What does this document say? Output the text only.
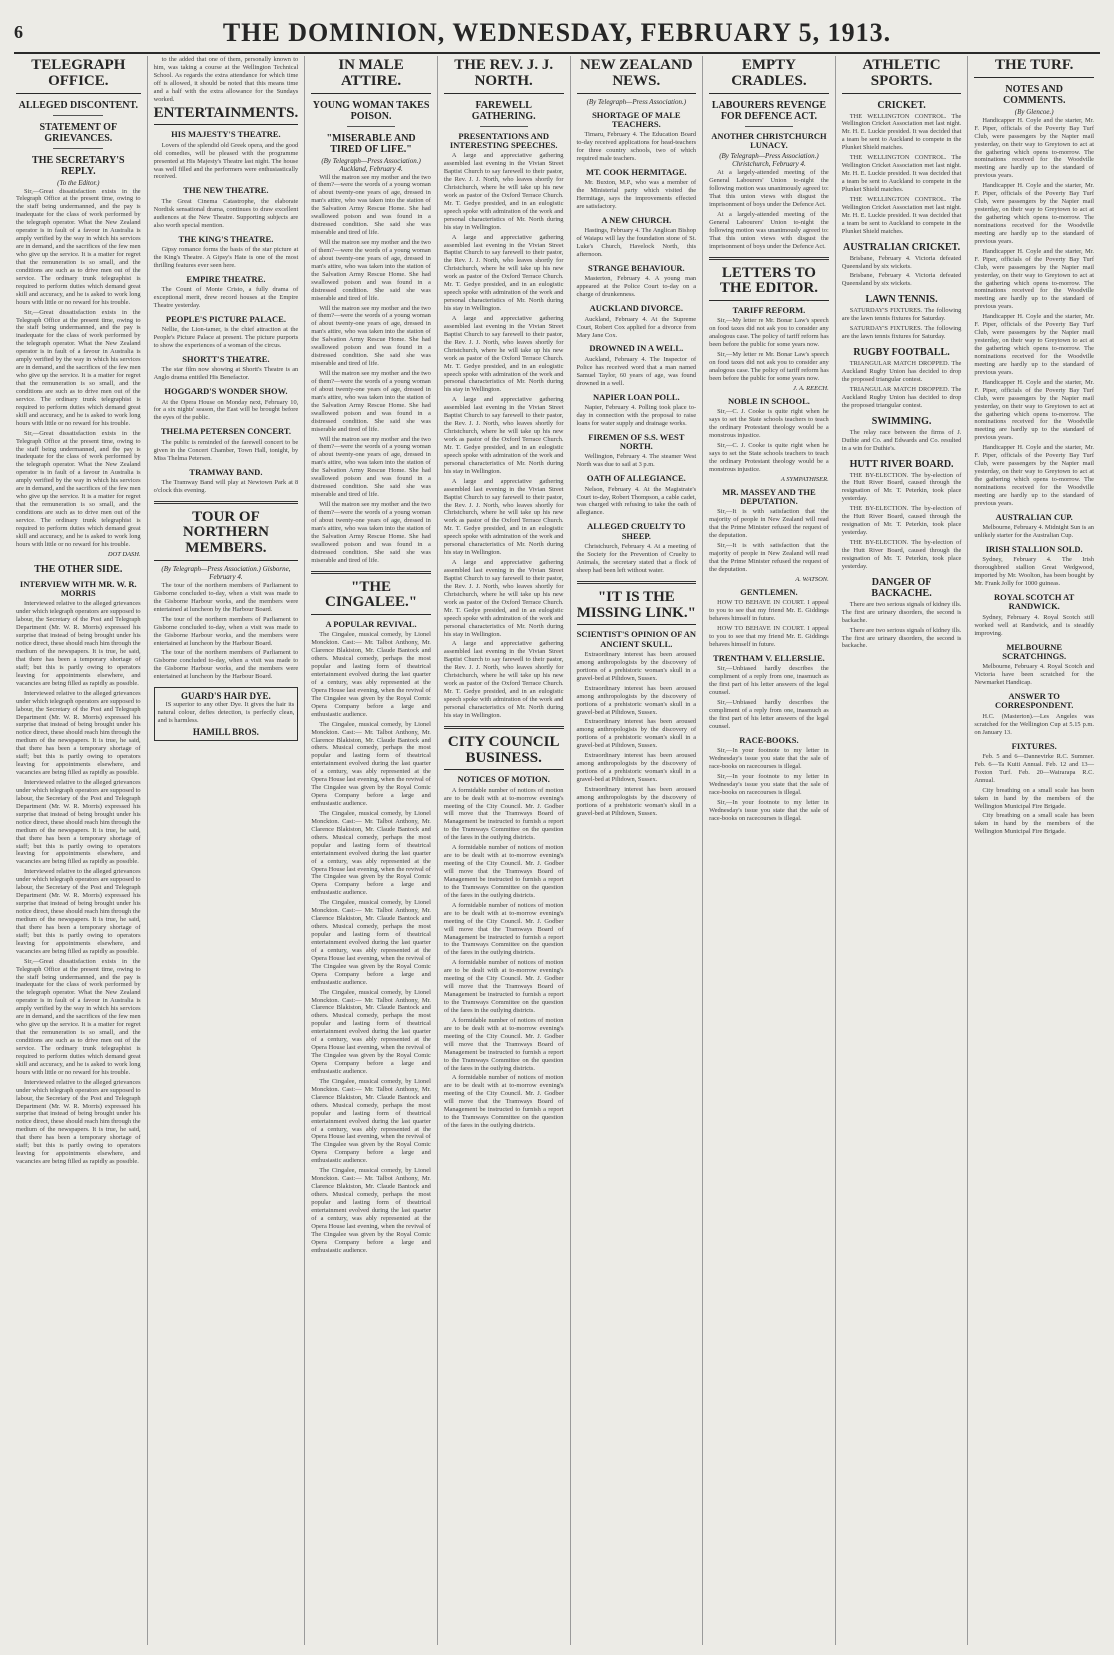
6	THE DOMINION, WEDNESDAY, FEBRUARY 5, 1913.
TELEGRAPH OFFICE.
ALLEGED DISCONTENT.
STATEMENT OF GRIEVANCES.
THE SECRETARY'S REPLY.
(To the Editor.)

Sir,—Great dissatisfaction exists in the Telegraph Office at the present time, owing to the staff being undermanned, and the pay is inadequate for the class of work performed by the telegraph operator. What the New Zealand operator is in fault of a favour in Australia is amply verified by the way in which his services are in demand, and the sacrifices of the few men who give up the service. It is a matter for regret that the remuneration is so small, and the conditions are such as to drive men out of the service. The ordinary trunk telegraphist is required to perform duties which demand great skill and accuracy, and he is asked to work long hours with little or no reward for his trouble.

Sir,—Great dissatisfaction exists in the Telegraph Office at the present time, owing to the staff being undermanned, and the pay is inadequate for the class of work performed by the telegraph operator. What the New Zealand operator is in fault of a favour in Australia is amply verified by the way in which his services are in demand, and the sacrifices of the few men who give up the service. It is a matter for regret that the remuneration is so small, and the conditions are such as to drive men out of the service. The ordinary trunk telegraphist is required to perform duties which demand great skill and accuracy, and he is asked to work long hours with little or no reward for his trouble.

Sir,—Great dissatisfaction exists in the Telegraph Office at the present time, owing to the staff being undermanned, and the pay is inadequate for the class of work performed by the telegraph operator. What the New Zealand operator is in fault of a favour in Australia is amply verified by the way in which his services are in demand, and the sacrifices of the few men who give up the service. It is a matter for regret that the remuneration is so small, and the conditions are such as to drive men out of the service. The ordinary trunk telegraphist is required to perform duties which demand great skill and accuracy, and he is asked to work long hours with little or no reward for his trouble.

DOT DASH.
THE OTHER SIDE.
INTERVIEW WITH MR. W. R. MORRIS

Interviewed relative to the alleged grievances under which telegraph operators are supposed to labour, the Secretary of the Post and Telegraph Department (Mr. W. R. Morris) expressed his surprise that instead of being brought under his notice direct, these should reach him through the medium of the newspapers. It is true, he said, that there has been a temporary shortage of staff; but this is partly owing to operators leaving for appointments elsewhere, and vacancies are being filled as rapidly as possible.

Interviewed relative to the alleged grievances under which telegraph operators are supposed to labour, the Secretary of the Post and Telegraph Department (Mr. W. R. Morris) expressed his surprise that instead of being brought under his notice direct, these should reach him through the medium of the newspapers. It is true, he said, that there has been a temporary shortage of staff; but this is partly owing to operators leaving for appointments elsewhere, and vacancies are being filled as rapidly as possible.

Interviewed relative to the alleged grievances under which telegraph operators are supposed to labour, the Secretary of the Post and Telegraph Department (Mr. W. R. Morris) expressed his surprise that instead of being brought under his notice direct, these should reach him through the medium of the newspapers. It is true, he said, that there has been a temporary shortage of staff; but this is partly owing to operators leaving for appointments elsewhere, and vacancies are being filled as rapidly as possible.

Interviewed relative to the alleged grievances under which telegraph operators are supposed to labour, the Secretary of the Post and Telegraph Department (Mr. W. R. Morris) expressed his surprise that instead of being brought under his notice direct, these should reach him through the medium of the newspapers. It is true, he said, that there has been a temporary shortage of staff; but this is partly owing to operators leaving for appointments elsewhere, and vacancies are being filled as rapidly as possible.

Sir,—Great dissatisfaction exists in the Telegraph Office at the present time, owing to the staff being undermanned, and the pay is inadequate for the class of work performed by the telegraph operator. What the New Zealand operator is in fault of a favour in Australia is amply verified by the way in which his services are in demand, and the sacrifices of the few men who give up the service. It is a matter for regret that the remuneration is so small, and the conditions are such as to drive men out of the service. The ordinary trunk telegraphist is required to perform duties which demand great skill and accuracy, and he is asked to work long hours with little or no reward for his trouble.

Interviewed relative to the alleged grievances under which telegraph operators are supposed to labour, the Secretary of the Post and Telegraph Department (Mr. W. R. Morris) expressed his surprise that instead of being brought under his notice direct, these should reach him through the medium of the newspapers. It is true, he said, that there has been a temporary shortage of staff; but this is partly owing to operators leaving for appointments elsewhere, and vacancies are being filled as rapidly as possible.

to the added that one of them, personally known to him, was taking a course at the Wellington Technical School. As regards the extra attendance for which time off is allowed, it should be noted that this means time and a half with the extra allowance for the Sundays worked.

ENTERTAINMENTS.
HIS MAJESTY'S THEATRE.

Lovers of the splendid old Greek opera, and the good old comedies, will be pleased with the programme presented at His Majesty's Theatre last night. The house was well filled and the performers were enthusiastically received.

THE NEW THEATRE.

The Great Cinema Catastrophe, the elaborate Nordisk sensational drama, continues to draw excellent audiences at the New Theatre. Supporting subjects are also worth special mention.

THE KING'S THEATRE.

Gipsy romance forms the basis of the star picture at the King's Theatre. A Gipsy's Hate is one of the most thrilling features ever seen here.

EMPIRE THEATRE.

The Count of Monte Cristo, a fully drama of exceptional merit, drew record houses at the Empire Theatre yesterday.

PEOPLE'S PICTURE PALACE.

Nellie, the Lion-tamer, is the chief attraction at the People's Picture Palace at present. The picture purports to show the experiences of a woman of the circus.

SHORTT'S THEATRE.

The star film now showing at Shortt's Theatre is an Anglo drama entitled His Benefactor.

HOGGARD'S WONDER SHOW.

At the Opera House on Monday next, February 10, for a six nights' season, the East will be brought before the eyes of the public.

THELMA PETERSEN CONCERT.

The public is reminded of the farewell concert to be given in the Concert Chamber, Town Hall, tonight, by Miss Thelma Petersen.

TRAMWAY BAND.

The Tramway Band will play at Newtown Park at 8 o'clock this evening.

TOUR OF NORTHERN MEMBERS.
(By Telegraph—Press Association.) Gisborne, February 4.

The tour of the northern members of Parliament to Gisborne concluded to-day, when a visit was made to the Gisborne Harbour works, and the members were entertained at luncheon by the Harbour Board.

The tour of the northern members of Parliament to Gisborne concluded to-day, when a visit was made to the Gisborne Harbour works, and the members were entertained at luncheon by the Harbour Board.

The tour of the northern members of Parliament to Gisborne concluded to-day, when a visit was made to the Gisborne Harbour works, and the members were entertained at luncheon by the Harbour Board.

GUARD'S HAIR DYE.

IS superior to any other Dye. It gives the hair its natural colour, defies detection, is perfectly clean, and is harmless.

HAMILL BROS.
IN MALE ATTIRE.
YOUNG WOMAN TAKES POISON.
"MISERABLE AND TIRED OF LIFE."
(By Telegraph—Press Association.) Auckland, February 4.

Will the matron see my mother and the two of them?—were the words of a young woman of about twenty-one years of age, dressed in man's attire, who was taken into the station of the Salvation Army Rescue Home. She had swallowed poison and was found in a distressed condition. She said she was miserable and tired of life.

Will the matron see my mother and the two of them?—were the words of a young woman of about twenty-one years of age, dressed in man's attire, who was taken into the station of the Salvation Army Rescue Home. She had swallowed poison and was found in a distressed condition. She said she was miserable and tired of life.

Will the matron see my mother and the two of them?—were the words of a young woman of about twenty-one years of age, dressed in man's attire, who was taken into the station of the Salvation Army Rescue Home. She had swallowed poison and was found in a distressed condition. She said she was miserable and tired of life.

Will the matron see my mother and the two of them?—were the words of a young woman of about twenty-one years of age, dressed in man's attire, who was taken into the station of the Salvation Army Rescue Home. She had swallowed poison and was found in a distressed condition. She said she was miserable and tired of life.

Will the matron see my mother and the two of them?—were the words of a young woman of about twenty-one years of age, dressed in man's attire, who was taken into the station of the Salvation Army Rescue Home. She had swallowed poison and was found in a distressed condition. She said she was miserable and tired of life.

Will the matron see my mother and the two of them?—were the words of a young woman of about twenty-one years of age, dressed in man's attire, who was taken into the station of the Salvation Army Rescue Home. She had swallowed poison and was found in a distressed condition. She said she was miserable and tired of life.

"THE CINGALEE."
A POPULAR REVIVAL.

The Cingalee, musical comedy, by Lionel Monckton. Cast:— Mr. Talbot Anthony, Mr. Clarence Blakiston, Mr. Claude Bantock and others. Musical comedy, perhaps the most popular and lasting form of theatrical entertainment evolved during the last quarter of a century, was ably represented at the Opera House last evening, when the revival of The Cingalee was given by the Royal Comic Opera Company before a large and enthusiastic audience.

The Cingalee, musical comedy, by Lionel Monckton. Cast:— Mr. Talbot Anthony, Mr. Clarence Blakiston, Mr. Claude Bantock and others. Musical comedy, perhaps the most popular and lasting form of theatrical entertainment evolved during the last quarter of a century, was ably represented at the Opera House last evening, when the revival of The Cingalee was given by the Royal Comic Opera Company before a large and enthusiastic audience.

The Cingalee, musical comedy, by Lionel Monckton. Cast:— Mr. Talbot Anthony, Mr. Clarence Blakiston, Mr. Claude Bantock and others. Musical comedy, perhaps the most popular and lasting form of theatrical entertainment evolved during the last quarter of a century, was ably represented at the Opera House last evening, when the revival of The Cingalee was given by the Royal Comic Opera Company before a large and enthusiastic audience.

The Cingalee, musical comedy, by Lionel Monckton. Cast:— Mr. Talbot Anthony, Mr. Clarence Blakiston, Mr. Claude Bantock and others. Musical comedy, perhaps the most popular and lasting form of theatrical entertainment evolved during the last quarter of a century, was ably represented at the Opera House last evening, when the revival of The Cingalee was given by the Royal Comic Opera Company before a large and enthusiastic audience.

The Cingalee, musical comedy, by Lionel Monckton. Cast:— Mr. Talbot Anthony, Mr. Clarence Blakiston, Mr. Claude Bantock and others. Musical comedy, perhaps the most popular and lasting form of theatrical entertainment evolved during the last quarter of a century, was ably represented at the Opera House last evening, when the revival of The Cingalee was given by the Royal Comic Opera Company before a large and enthusiastic audience.

The Cingalee, musical comedy, by Lionel Monckton. Cast:— Mr. Talbot Anthony, Mr. Clarence Blakiston, Mr. Claude Bantock and others. Musical comedy, perhaps the most popular and lasting form of theatrical entertainment evolved during the last quarter of a century, was ably represented at the Opera House last evening, when the revival of The Cingalee was given by the Royal Comic Opera Company before a large and enthusiastic audience.

The Cingalee, musical comedy, by Lionel Monckton. Cast:— Mr. Talbot Anthony, Mr. Clarence Blakiston, Mr. Claude Bantock and others. Musical comedy, perhaps the most popular and lasting form of theatrical entertainment evolved during the last quarter of a century, was ably represented at the Opera House last evening, when the revival of The Cingalee was given by the Royal Comic Opera Company before a large and enthusiastic audience.

THE REV. J. J. NORTH.
FAREWELL GATHERING.
PRESENTATIONS AND INTERESTING SPEECHES.

A large and appreciative gathering assembled last evening in the Vivian Street Baptist Church to say farewell to their pastor, the Rev. J. J. North, who leaves shortly for Christchurch, where he will take up his new work as pastor of the Oxford Terrace Church. Mr. T. Gedye presided, and in an eulogistic speech spoke with admiration of the work and personal characteristics of Mr. North during his stay in Wellington.

A large and appreciative gathering assembled last evening in the Vivian Street Baptist Church to say farewell to their pastor, the Rev. J. J. North, who leaves shortly for Christchurch, where he will take up his new work as pastor of the Oxford Terrace Church. Mr. T. Gedye presided, and in an eulogistic speech spoke with admiration of the work and personal characteristics of Mr. North during his stay in Wellington.

A large and appreciative gathering assembled last evening in the Vivian Street Baptist Church to say farewell to their pastor, the Rev. J. J. North, who leaves shortly for Christchurch, where he will take up his new work as pastor of the Oxford Terrace Church. Mr. T. Gedye presided, and in an eulogistic speech spoke with admiration of the work and personal characteristics of Mr. North during his stay in Wellington.

A large and appreciative gathering assembled last evening in the Vivian Street Baptist Church to say farewell to their pastor, the Rev. J. J. North, who leaves shortly for Christchurch, where he will take up his new work as pastor of the Oxford Terrace Church. Mr. T. Gedye presided, and in an eulogistic speech spoke with admiration of the work and personal characteristics of Mr. North during his stay in Wellington.

A large and appreciative gathering assembled last evening in the Vivian Street Baptist Church to say farewell to their pastor, the Rev. J. J. North, who leaves shortly for Christchurch, where he will take up his new work as pastor of the Oxford Terrace Church. Mr. T. Gedye presided, and in an eulogistic speech spoke with admiration of the work and personal characteristics of Mr. North during his stay in Wellington.

A large and appreciative gathering assembled last evening in the Vivian Street Baptist Church to say farewell to their pastor, the Rev. J. J. North, who leaves shortly for Christchurch, where he will take up his new work as pastor of the Oxford Terrace Church. Mr. T. Gedye presided, and in an eulogistic speech spoke with admiration of the work and personal characteristics of Mr. North during his stay in Wellington.

A large and appreciative gathering assembled last evening in the Vivian Street Baptist Church to say farewell to their pastor, the Rev. J. J. North, who leaves shortly for Christchurch, where he will take up his new work as pastor of the Oxford Terrace Church. Mr. T. Gedye presided, and in an eulogistic speech spoke with admiration of the work and personal characteristics of Mr. North during his stay in Wellington.

CITY COUNCIL BUSINESS.
NOTICES OF MOTION.

A formidable number of notices of motion are to be dealt with at to-morrow evening's meeting of the City Council. Mr. J. Godber will move that the Tramways Board of Management be instructed to furnish a report to the Tramways Committee on the question of the fares in the outlying districts.

A formidable number of notices of motion are to be dealt with at to-morrow evening's meeting of the City Council. Mr. J. Godber will move that the Tramways Board of Management be instructed to furnish a report to the Tramways Committee on the question of the fares in the outlying districts.

A formidable number of notices of motion are to be dealt with at to-morrow evening's meeting of the City Council. Mr. J. Godber will move that the Tramways Board of Management be instructed to furnish a report to the Tramways Committee on the question of the fares in the outlying districts.

A formidable number of notices of motion are to be dealt with at to-morrow evening's meeting of the City Council. Mr. J. Godber will move that the Tramways Board of Management be instructed to furnish a report to the Tramways Committee on the question of the fares in the outlying districts.

A formidable number of notices of motion are to be dealt with at to-morrow evening's meeting of the City Council. Mr. J. Godber will move that the Tramways Board of Management be instructed to furnish a report to the Tramways Committee on the question of the fares in the outlying districts.

A formidable number of notices of motion are to be dealt with at to-morrow evening's meeting of the City Council. Mr. J. Godber will move that the Tramways Board of Management be instructed to furnish a report to the Tramways Committee on the question of the fares in the outlying districts.

NEW ZEALAND NEWS.
(By Telegraph—Press Association.)
SHORTAGE OF MALE TEACHERS.

Timaru, February 4. The Education Board to-day received applications for head-teachers for three country schools, two of which required male teachers.

MT. COOK HERMITAGE.

Mr. Buxton, M.P., who was a member of the Ministerial party which visited the Hermitage, says the improvements effected are satisfactory.

A NEW CHURCH.

Hastings, February 4. The Anglican Bishop of Waiapu will lay the foundation stone of St. Luke's Church, Havelock North, this afternoon.

STRANGE BEHAVIOUR.

Masterton, February 4. A young man appeared at the Police Court to-day on a charge of drunkenness.

AUCKLAND DIVORCE.

Auckland, February 4. At the Supreme Court, Robert Cox applied for a divorce from Mary Jane Cox.

DROWNED IN A WELL.

Auckland, February 4. The Inspector of Police has received word that a man named Samuel Taylor, 60 years of age, was found drowned in a well.

NAPIER LOAN POLL.

Napier, February 4. Polling took place to-day in connection with the proposal to raise loans for water supply and drainage works.

FIREMEN OF S.S. WEST NORTH.

Wellington, February 4. The steamer West North was due to sail at 3 p.m.

OATH OF ALLEGIANCE.

Nelson, February 4. At the Magistrate's Court to-day, Robert Thompson, a cable cadet, was charged with refusing to take the oath of allegiance.

ALLEGED CRUELTY TO SHEEP.

Christchurch, February 4. At a meeting of the Society for the Prevention of Cruelty to Animals, the secretary stated that a flock of sheep had been left without water.

"IT IS THE MISSING LINK."
SCIENTIST'S OPINION OF AN ANCIENT SKULL.

Extraordinary interest has been aroused among anthropologists by the discovery of portions of a prehistoric woman's skull in a gravel-bed at Piltdown, Sussex.

Extraordinary interest has been aroused among anthropologists by the discovery of portions of a prehistoric woman's skull in a gravel-bed at Piltdown, Sussex.

Extraordinary interest has been aroused among anthropologists by the discovery of portions of a prehistoric woman's skull in a gravel-bed at Piltdown, Sussex.

Extraordinary interest has been aroused among anthropologists by the discovery of portions of a prehistoric woman's skull in a gravel-bed at Piltdown, Sussex.

Extraordinary interest has been aroused among anthropologists by the discovery of portions of a prehistoric woman's skull in a gravel-bed at Piltdown, Sussex.

EMPTY CRADLES.
LABOURERS REVENGE FOR DEFENCE ACT.
ANOTHER CHRISTCHURCH LUNACY.
(By Telegraph—Press Association.) Christchurch, February 4.

At a largely-attended meeting of the General Labourers' Union to-night the following motion was unanimously agreed to: That this union views with disgust the imprisonment of boys under the Defence Act.

At a largely-attended meeting of the General Labourers' Union to-night the following motion was unanimously agreed to: That this union views with disgust the imprisonment of boys under the Defence Act.

LETTERS TO THE EDITOR.
TARIFF REFORM.

Sir,—My letter re Mr. Bonar Law's speech on food taxes did not ask you to consider any analogous case. The policy of tariff reform has been before the public for some years now.

Sir,—My letter re Mr. Bonar Law's speech on food taxes did not ask you to consider any analogous case. The policy of tariff reform has been before the public for some years now.

J. A. REECH.
NOBLE IN SCHOOL.

Sir,—C. J. Cooke is quite right when he says to set the State schools teachers to teach the ordinary Protestant theology would be a monstrous injustice.

Sir,—C. J. Cooke is quite right when he says to set the State schools teachers to teach the ordinary Protestant theology would be a monstrous injustice.

A SYMPATHISER.
MR. MASSEY AND THE DEPUTATION.

Sir,—It is with satisfaction that the majority of people in New Zealand will read that the Prime Minister refused the request of the deputation.

Sir,—It is with satisfaction that the majority of people in New Zealand will read that the Prime Minister refused the request of the deputation.

A. WATSON.
GENTLEMEN.

HOW TO BEHAVE IN COURT. I appeal to you to see that my friend Mr. E. Giddings behaves himself in future.

HOW TO BEHAVE IN COURT. I appeal to you to see that my friend Mr. E. Giddings behaves himself in future.

TRENTHAM V. ELLERSLIE.

Sir,—Unbiased hardly describes the compliment of a reply from one, inasmuch as the first part of his letter answers of the legal counsel.

Sir,—Unbiased hardly describes the compliment of a reply from one, inasmuch as the first part of his letter answers of the legal counsel.

RACE-BOOKS.

Sir,—In your footnote to my letter in Wednesday's issue you state that the sale of race-books on racecourses is illegal.

Sir,—In your footnote to my letter in Wednesday's issue you state that the sale of race-books on racecourses is illegal.

Sir,—In your footnote to my letter in Wednesday's issue you state that the sale of race-books on racecourses is illegal.

ATHLETIC SPORTS.
CRICKET.

THE WELLINGTON CONTROL. The Wellington Cricket Association met last night. Mr. H. E. Luckie presided. It was decided that a team be sent to Auckland to compete in the Plunket Shield matches.

THE WELLINGTON CONTROL. The Wellington Cricket Association met last night. Mr. H. E. Luckie presided. It was decided that a team be sent to Auckland to compete in the Plunket Shield matches.

THE WELLINGTON CONTROL. The Wellington Cricket Association met last night. Mr. H. E. Luckie presided. It was decided that a team be sent to Auckland to compete in the Plunket Shield matches.

AUSTRALIAN CRICKET.

Brisbane, February 4. Victoria defeated Queensland by six wickets.

Brisbane, February 4. Victoria defeated Queensland by six wickets.

LAWN TENNIS.

SATURDAY'S FIXTURES. The following are the lawn tennis fixtures for Saturday.

SATURDAY'S FIXTURES. The following are the lawn tennis fixtures for Saturday.

RUGBY FOOTBALL.

TRIANGULAR MATCH DROPPED. The Auckland Rugby Union has decided to drop the proposed triangular contest.

TRIANGULAR MATCH DROPPED. The Auckland Rugby Union has decided to drop the proposed triangular contest.

SWIMMING.

The relay race between the firms of J. Duthie and Co. and Edwards and Co. resulted in a win for Duthie's.

HUTT RIVER BOARD.

THE BY-ELECTION. The by-election of the Hutt River Board, caused through the resignation of Mr. T. Peterkin, took place yesterday.

THE BY-ELECTION. The by-election of the Hutt River Board, caused through the resignation of Mr. T. Peterkin, took place yesterday.

THE BY-ELECTION. The by-election of the Hutt River Board, caused through the resignation of Mr. T. Peterkin, took place yesterday.

DANGER OF BACKACHE.

There are two serious signals of kidney ills. The first are urinary disorders, the second is backache.

There are two serious signals of kidney ills. The first are urinary disorders, the second is backache.

THE TURF.
NOTES AND COMMENTS.
(By Glencoe.)

Handicapper H. Coyle and the starter, Mr. F. Piper, officials of the Poverty Bay Turf Club, were passengers by the Napier mail yesterday, on their way to Greytown to act at the gathering which opens to-morrow. The nominations received for the Woodville meeting are hardly up to the standard of previous years.

Handicapper H. Coyle and the starter, Mr. F. Piper, officials of the Poverty Bay Turf Club, were passengers by the Napier mail yesterday, on their way to Greytown to act at the gathering which opens to-morrow. The nominations received for the Woodville meeting are hardly up to the standard of previous years.

Handicapper H. Coyle and the starter, Mr. F. Piper, officials of the Poverty Bay Turf Club, were passengers by the Napier mail yesterday, on their way to Greytown to act at the gathering which opens to-morrow. The nominations received for the Woodville meeting are hardly up to the standard of previous years.

Handicapper H. Coyle and the starter, Mr. F. Piper, officials of the Poverty Bay Turf Club, were passengers by the Napier mail yesterday, on their way to Greytown to act at the gathering which opens to-morrow. The nominations received for the Woodville meeting are hardly up to the standard of previous years.

Handicapper H. Coyle and the starter, Mr. F. Piper, officials of the Poverty Bay Turf Club, were passengers by the Napier mail yesterday, on their way to Greytown to act at the gathering which opens to-morrow. The nominations received for the Woodville meeting are hardly up to the standard of previous years.

Handicapper H. Coyle and the starter, Mr. F. Piper, officials of the Poverty Bay Turf Club, were passengers by the Napier mail yesterday, on their way to Greytown to act at the gathering which opens to-morrow. The nominations received for the Woodville meeting are hardly up to the standard of previous years.

AUSTRALIAN CUP.

Melbourne, February 4. Midnight Sun is an unlikely starter for the Australian Cup.

IRISH STALLION SOLD.

Sydney, February 4. The Irish thoroughbred stallion Great Wedgwood, imported by Mr. Woolton, has been bought by Mr. Frank Jolly for 1000 guineas.

ROYAL SCOTCH AT RANDWICK.

Sydney, February 4. Royal Scotch still worked well at Randwick, and is steadily improving.

MELBOURNE SCRATCHINGS.

Melbourne, February 4. Royal Scotch and Victoria have been scratched for the Newmarket Handicap.

ANSWER TO CORRESPONDENT.

H.C. (Masterton).—Les Angeles was scratched for the Wellington Cup at 5.15 p.m. on January 13.

FIXTURES.

Feb. 5 and 6—Dannevirke R.C. Summer. Feb. 6—Ta Kuiti Annual. Feb. 12 and 13—Foxton Turf. Feb. 20—Wairarapa R.C. Annual.

City breathing on a small scale has been taken in hand by the members of the Wellington Municipal Fire Brigade.

City breathing on a small scale has been taken in hand by the members of the Wellington Municipal Fire Brigade.
